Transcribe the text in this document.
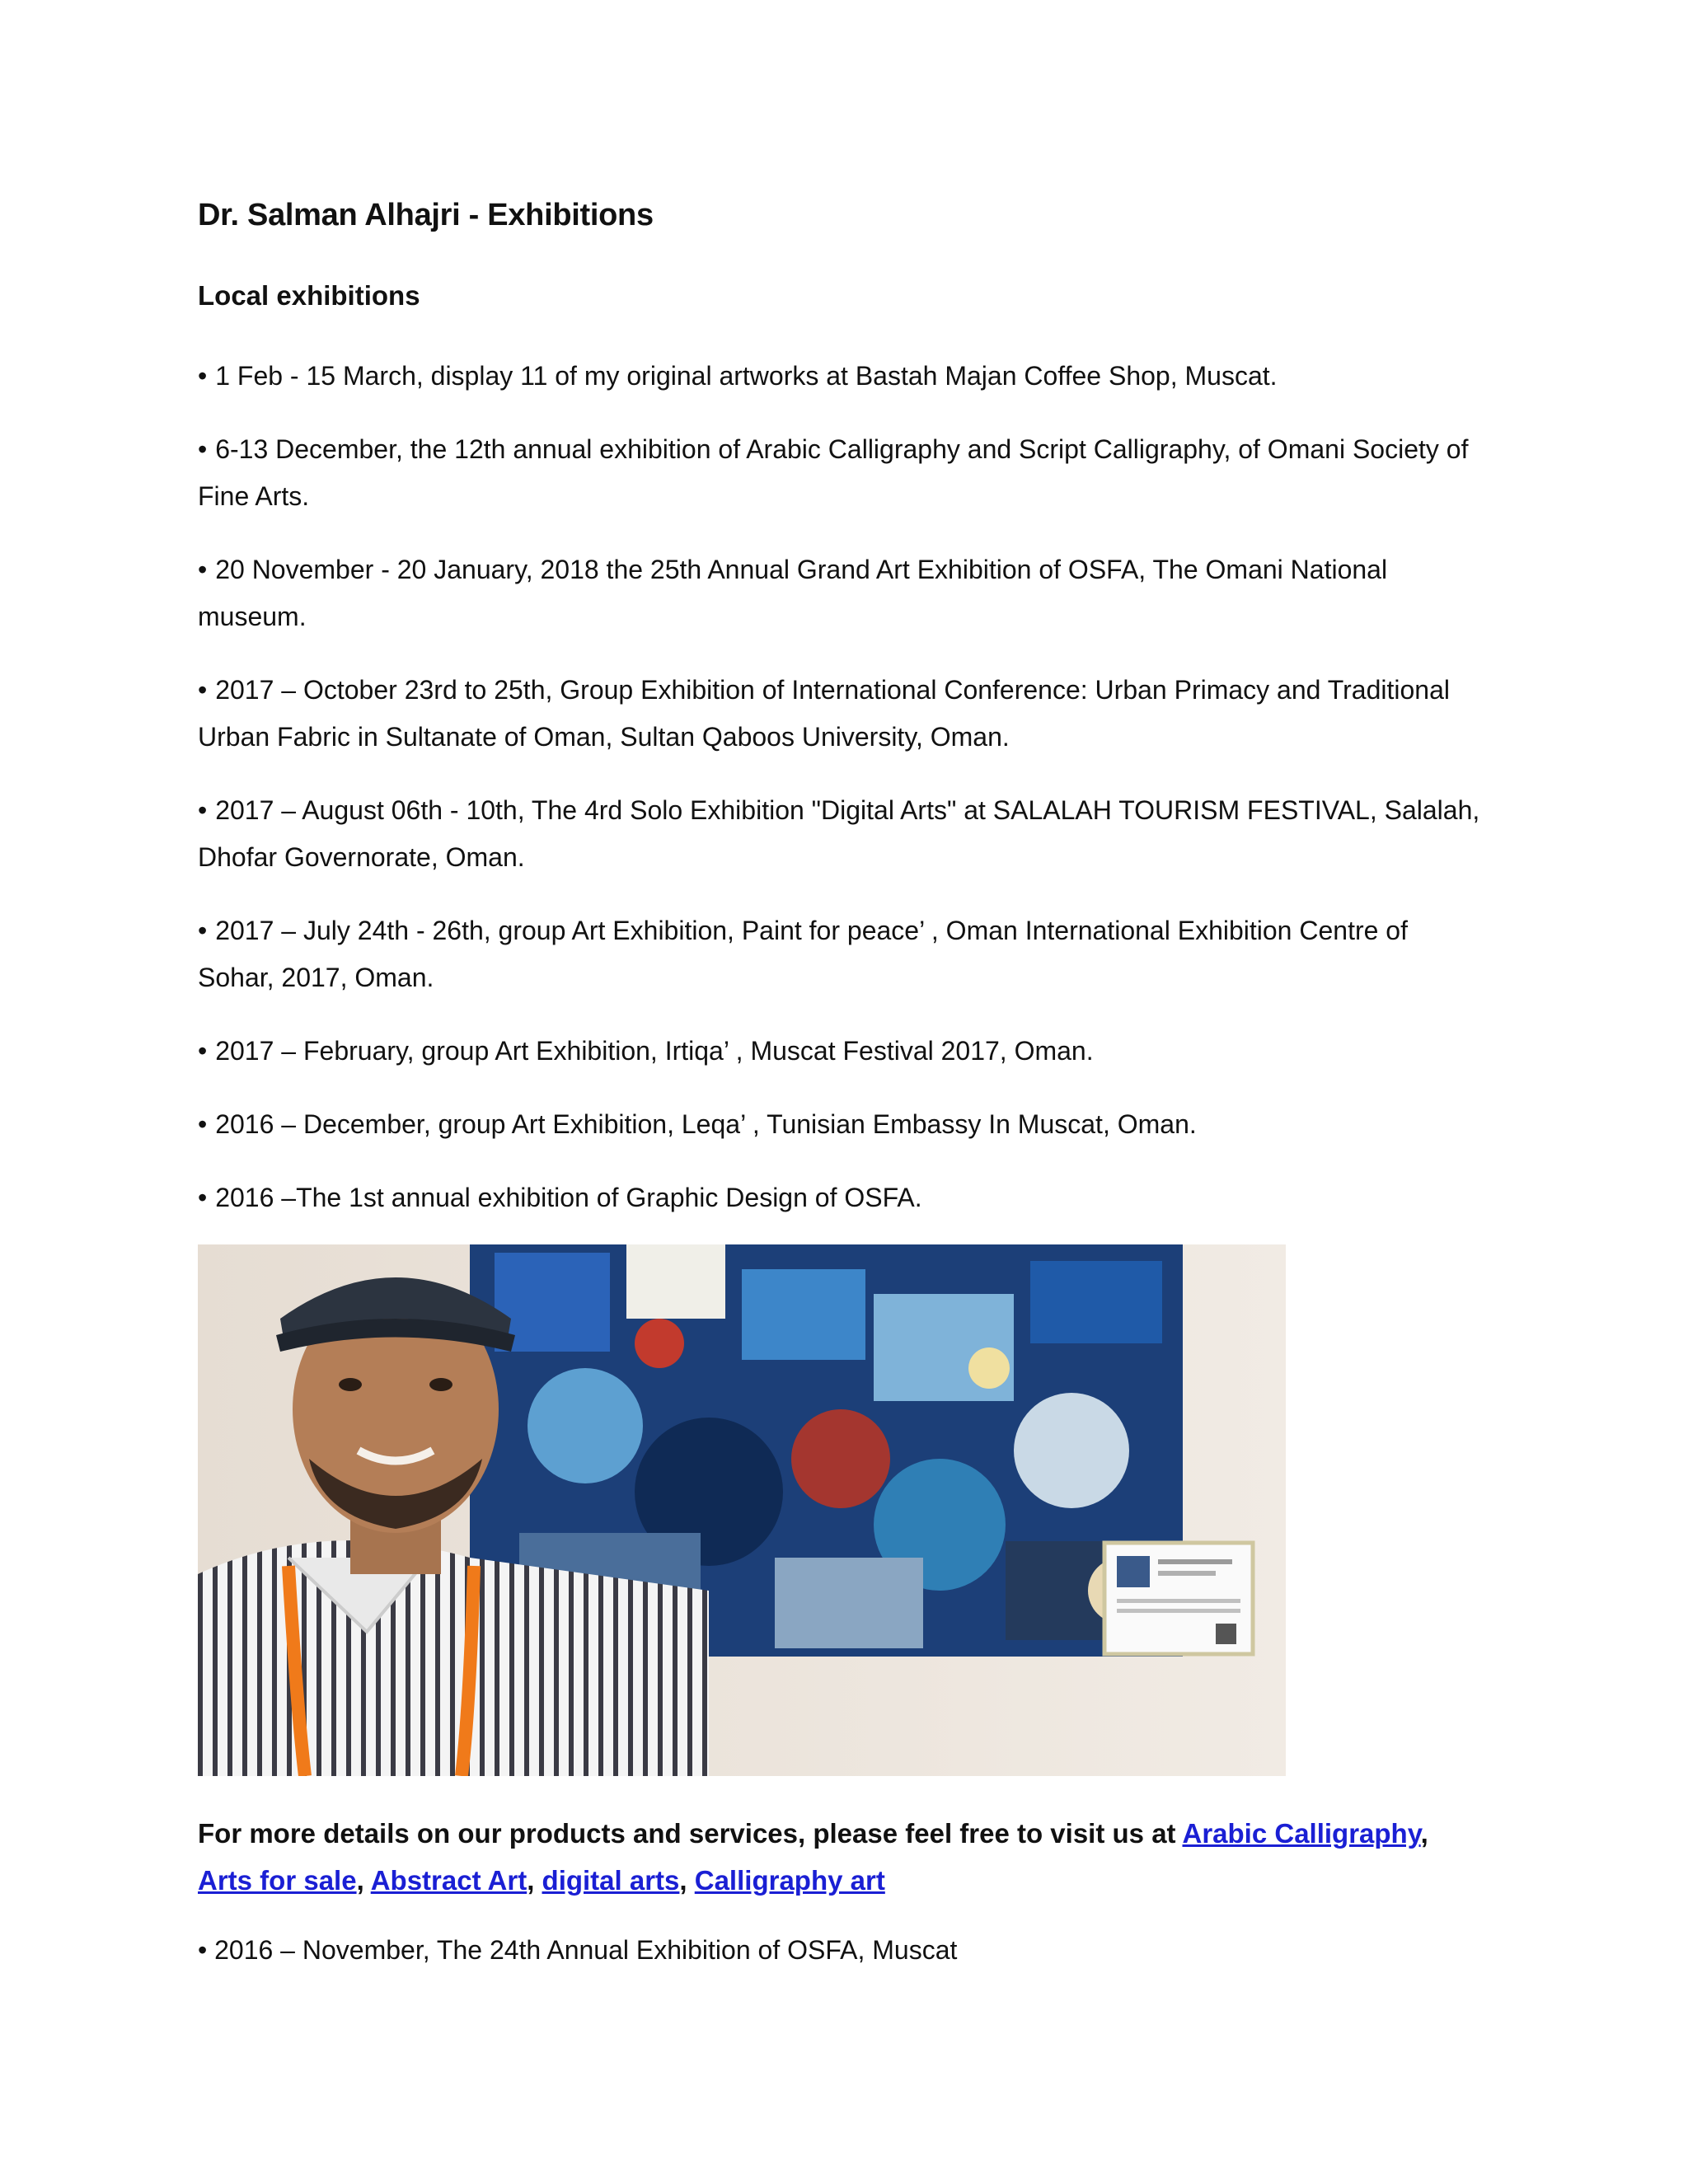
Dr. Salman Alhajri - Exhibitions
Local exhibitions
• 1 Feb - 15 March, display 11 of my original artworks at Bastah Majan Coffee Shop, Muscat.
• 6-13 December, the 12th annual exhibition of Arabic Calligraphy and Script Calligraphy, of Omani Society of Fine Arts.
• 20 November - 20 January, 2018 the 25th Annual Grand Art Exhibition of OSFA, The Omani National museum.
• 2017 – October 23rd to 25th, Group Exhibition of International Conference: Urban Primacy and Traditional Urban Fabric in Sultanate of Oman, Sultan Qaboos University, Oman.
• 2017 – August 06th - 10th, The 4rd Solo Exhibition "Digital Arts" at SALALAH TOURISM FESTIVAL, Salalah, Dhofar Governorate, Oman.
• 2017 – July 24th - 26th, group Art Exhibition, Paint for peace’ , Oman International Exhibition Centre of Sohar, 2017, Oman.
• 2017 – February, group Art Exhibition, Irtiqa’ , Muscat Festival 2017, Oman.
• 2016 – December, group Art Exhibition, Leqa’ , Tunisian Embassy In Muscat, Oman.
• 2016 –The 1st annual exhibition of Graphic Design of OSFA.
For more details on our products and services, please feel free to visit us at Arabic Calligraphy, Arts for sale, Abstract Art, digital arts, Calligraphy art
• 2016 – November, The 24th Annual Exhibition of OSFA, Muscat
